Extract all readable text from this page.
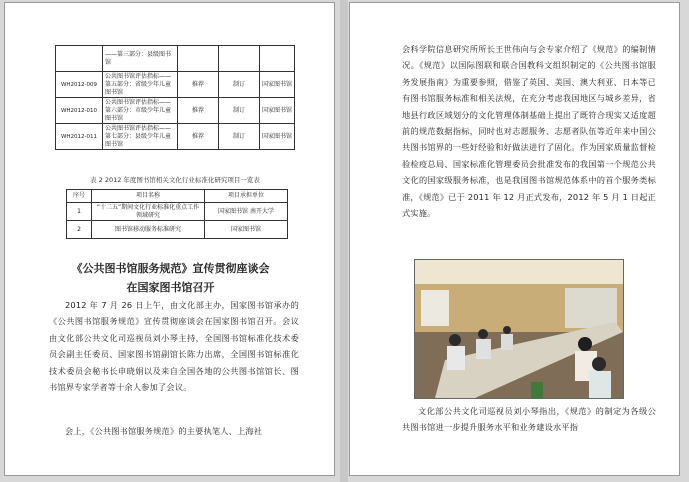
	——第三部分：县级图书馆			
WH2012-009	公共图书馆评估指标——第五部分：省级少年儿童图书馆	推荐	制订	国家图书馆
WH2012-010	公共图书馆评估指标——第六部分：市级少年儿童图书馆	推荐	制订	国家图书馆
WH2012-011	公共图书馆评估指标——第七部分：县级少年儿童图书馆	推荐	制订	国家图书馆
表 2 2012 年度图书馆相关文化行业标准化研究项目一览表
序号	项目名称	项目承担单位
1	“十二五”期间文化行业标准化重点工作领域研究	国家图书馆 南开大学
2	图书馆移动服务标准研究	国家图书馆
《公共图书馆服务规范》宣传贯彻座谈会
在国家图书馆召开
2012 年 7 月 26 日上午，由文化部主办，国家图书馆承办的《公共图书馆服务规范》宣传贯彻座谈会在国家图书馆召开。会议由文化部公共文化司巡视员刘小琴主持，全国图书馆标准化技术委员会副主任委员、国家图书馆副馆长陈力出席，全国图书馆标准化技术委员会秘书长申晓娟以及来自全国各地的公共图书馆馆长、图书馆界专家学者等十余人参加了会议。
会上，《公共图书馆服务规范》的主要执笔人、上海社
会科学院信息研究所所长王世伟向与会专家介绍了《规范》的编制情况。《规范》以国际图联和联合国教科文组织制定的《公共图书馆服务发展指南》为重要参照，借鉴了英国、美国、澳大利亚、日本等已有图书馆服务标准和相关法规，在充分考虑我国地区与城乡差异，省地县行政区域划分的文化管理体制基础上提出了既符合现实又适度超前的规范数据指标，同时也对志愿服务、志愿者队伍等近年来中国公共图书馆界的一些好经验和好做法进行了固化。作为国家质量监督检验检疫总局、国家标准化管理委员会批准发布的我国第一个规范公共文化的国家级服务标准，也是我国图书馆规范体系中的首个服务类标准，《规范》已于 2011 年 12 月正式发布，2012 年 5 月 1 日起正式实施。
文化部公共文化司巡视员刘小琴指出，《规范》的制定为各级公共图书馆进一步提升服务水平和业务建设水平指
